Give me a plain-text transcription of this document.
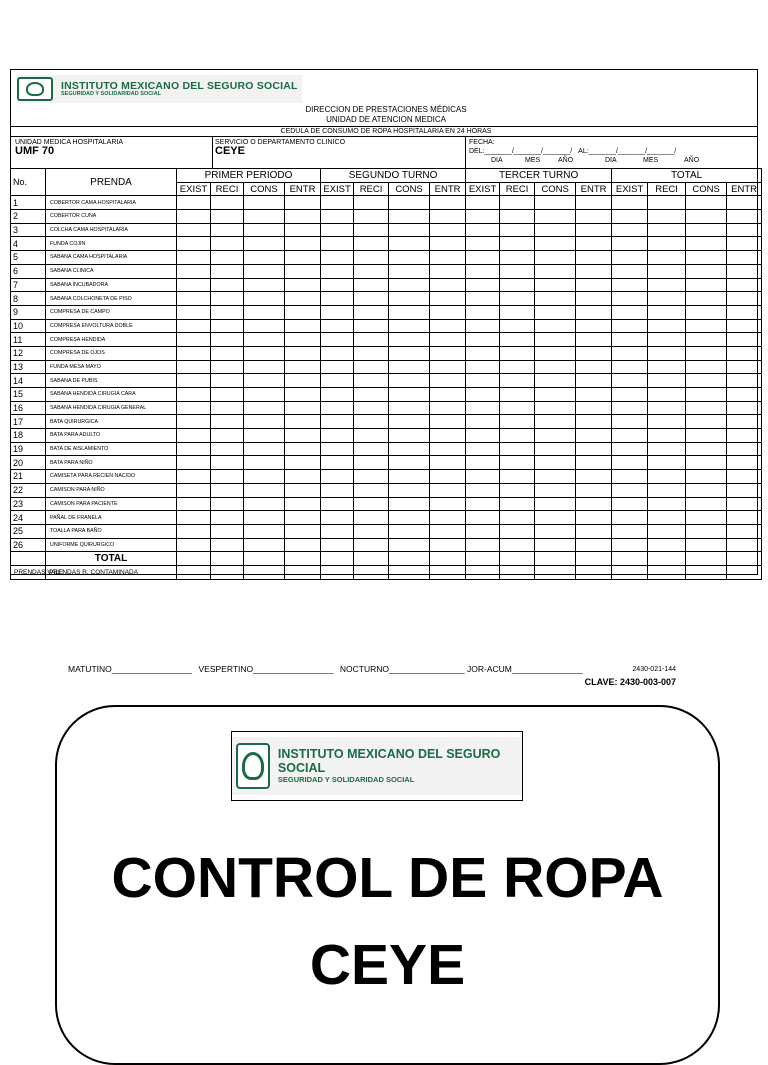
INSTITUTO MEXICANO DEL SEGURO SOCIAL
SEGURIDAD Y SOLIDARIDAD SOCIAL
DIRECCION DE PRESTACIONES MÉDICAS
UNIDAD DE ATENCION MEDICA
CEDULA DE CONSUMO DE ROPA HOSPITALARIA EN 24 HORAS
UNIDAD MEDICA HOSPITALARIA
UMF 70
SERVICIO O DEPARTAMENTO CLINICO
CEYE
FECHA:
DEL:_______/_______/_______/ AL:_______/_______/_______/
DIA	MES	AÑO	DIA	MES	AÑO
No.	PRENDA	PRIMER PERIODO				SEGUNDO TURNO				TERCER TURNO				TOTAL			
		EXIST	RECI	CONS	ENTR	EXIST	RECI	CONS	ENTR	EXIST	RECI	CONS	ENTR	EXIST	RECI	CONS	ENTR
1	COBERTOR CAMA HOSPITALARIA																
2	COBERTOR CUNA																
3	COLCHA CAMA HOSPITALARIA																
4	FUNDA COJIN																
5	SABANA CAMA HOSPITALARIA																
6	SABANA CLINICA																
7	SABANA INCUBADORA																
8	SABANA COLCHONETA DE PISO																
9	COMPRESA DE CAMPO																
10	COMPRESA ENVOLTURA DOBLE																
11	COMPRESA HENDIDA																
12	COMPRESA DE OJOS																
13	FUNDA MESA MAYO																
14	SABANA DE PUBIS																
15	SABANA HENDIDA CIRUGIA CARA																
16	SABANA HENDIDA CIRUGIA GENERAL																
17	BATA QUIRURGICA																
18	BATA PARA ADULTO																
19	BATA DE AISLAMIENTO																
20	BATA PARA NIÑO																
21	CAMISETA PARA RECIEN NACIDO																
22	CAMISON PARA NIÑO																
23	CAMISON PARA PACIENTE																
24	PAÑAL DE FRANELA																
25	TOALLA PARA BAÑO																
26	UNIFORME QUIRURGICO																
	TOTAL																
PRENDAS VALE	PRENDAS R. CONTAMINADA																
MATUTINO_________________ VESPERTINO_________________ NOCTURNO________________ JOR-ACUM_______________	2430-021-144
CLAVE: 2430-003-007
INSTITUTO MEXICANO DEL SEGURO SOCIAL
SEGURIDAD Y SOLIDARIDAD SOCIAL
CONTROL DE ROPA
CEYE
